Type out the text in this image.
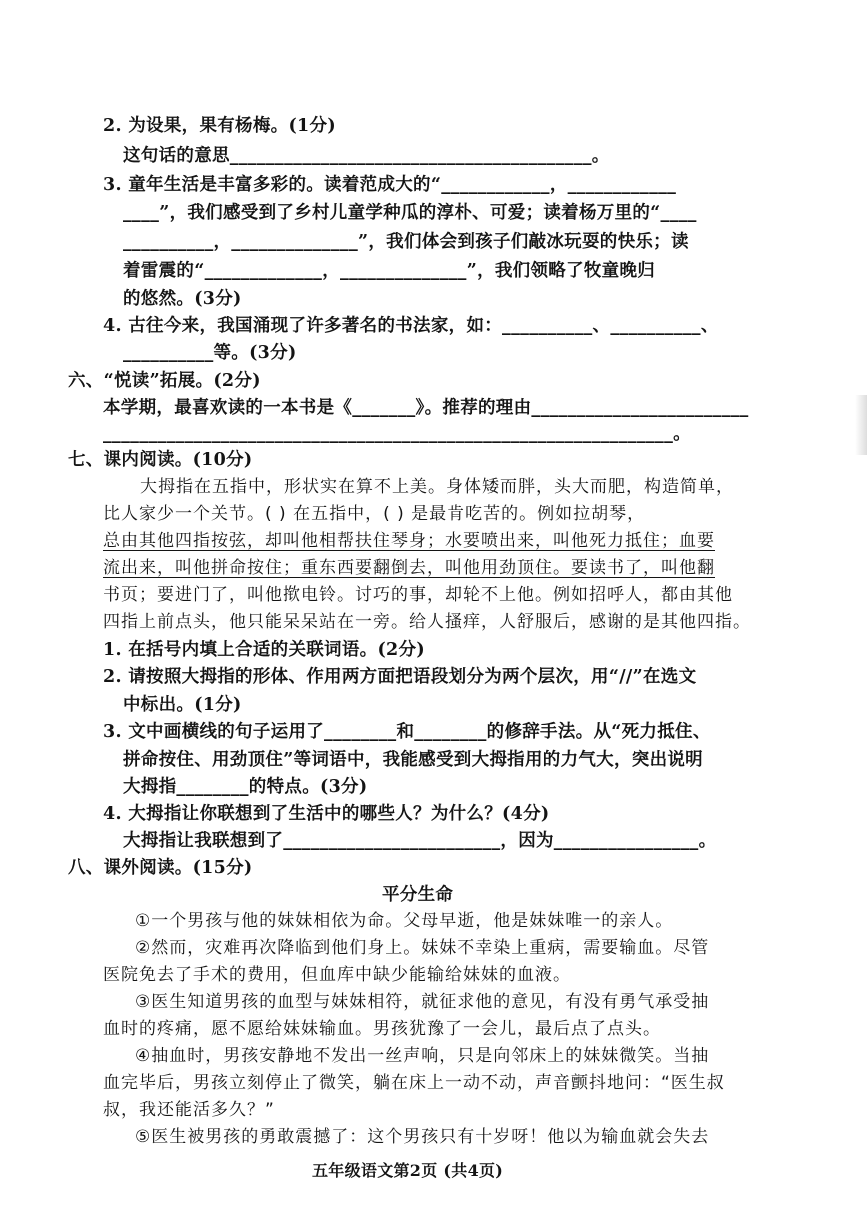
2. 为设果，果有杨梅。(1分)
这句话的意思________________________________________。
3. 童年生活是丰富多彩的。读着范成大的“____________，____________
____”，我们感受到了乡村儿童学种瓜的淳朴、可爱；读着杨万里的“____
__________，______________”，我们体会到孩子们敲冰玩耍的快乐；读
着雷震的“_____________，______________”，我们领略了牧童晚归
的悠然。(3分)
4. 古往今来，我国涌现了许多著名的书法家，如：__________、__________、
__________等。(3分)
六、“悦读”拓展。(2分)
本学期，最喜欢读的一本书是《_______》。推荐的理由________________________
_______________________________________________________________。
七、课内阅读。(10分)
大拇指在五指中，形状实在算不上美。身体矮而胖，头大而肥，构造简单，
比人家少一个关节。( ) 在五指中，( ) 是最肯吃苦的。例如拉胡琴，
总由其他四指按弦，却叫他相帮扶住琴身；水要喷出来，叫他死力抵住；血要
流出来，叫他拼命按住；重东西要翻倒去，叫他用劲顶住。要读书了，叫他翻
书页；要进门了，叫他揿电铃。讨巧的事，却轮不上他。例如招呼人，都由其他
四指上前点头，他只能呆呆站在一旁。给人搔痒，人舒服后，感谢的是其他四指。
1. 在括号内填上合适的关联词语。(2分)
2. 请按照大拇指的形体、作用两方面把语段划分为两个层次，用“//”在选文
中标出。(1分)
3. 文中画横线的句子运用了________和________的修辞手法。从“死力抵住、
拼命按住、用劲顶住”等词语中，我能感受到大拇指用的力气大，突出说明
大拇指________的特点。(3分)
4. 大拇指让你联想到了生活中的哪些人？为什么？(4分)
大拇指让我联想到了________________________，因为________________。
八、课外阅读。(15分)
平分生命
①一个男孩与他的妹妹相依为命。父母早逝，他是妹妹唯一的亲人。
②然而，灾难再次降临到他们身上。妹妹不幸染上重病，需要输血。尽管
医院免去了手术的费用，但血库中缺少能输给妹妹的血液。
③医生知道男孩的血型与妹妹相符，就征求他的意见，有没有勇气承受抽
血时的疼痛，愿不愿给妹妹输血。男孩犹豫了一会儿，最后点了点头。
④抽血时，男孩安静地不发出一丝声响，只是向邻床上的妹妹微笑。当抽
血完毕后，男孩立刻停止了微笑，躺在床上一动不动，声音颤抖地问：“医生叔
叔，我还能活多久？”
⑤医生被男孩的勇敢震撼了：这个男孩只有十岁呀！他以为输血就会失去
五年级语文第2页 (共4页)
